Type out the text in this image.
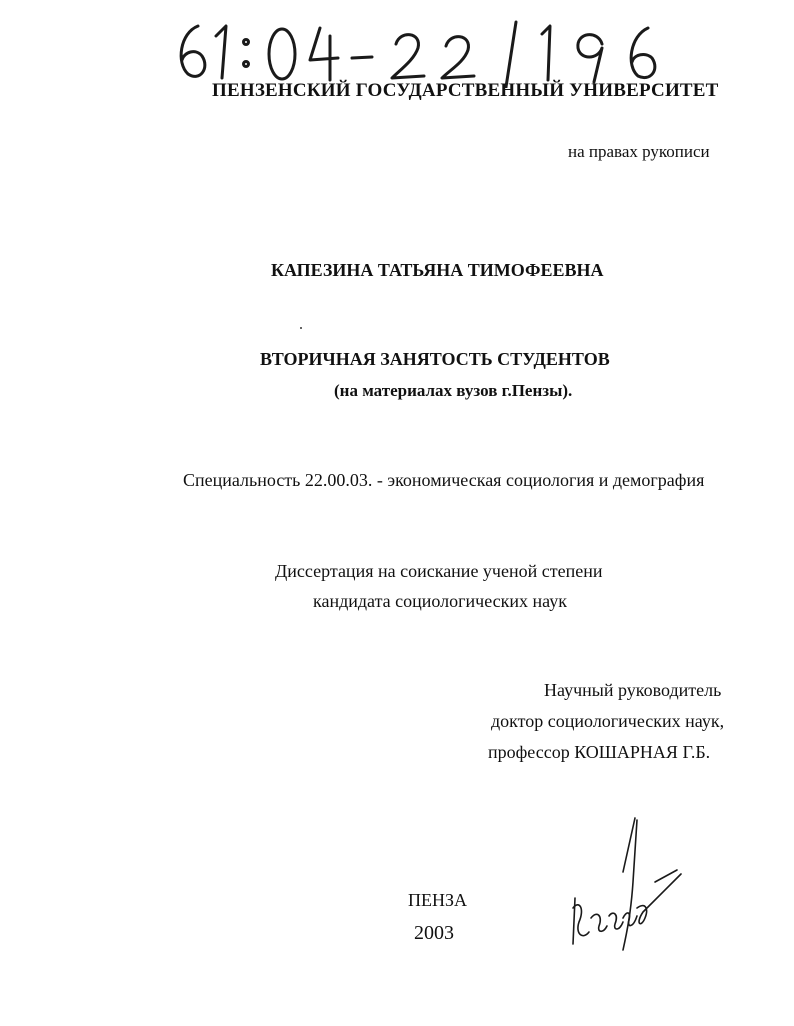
ПЕНЗЕНСКИЙ ГОСУДАРСТВЕННЫЙ УНИВЕРСИТЕТ
на правах рукописи
КАПЕЗИНА ТАТЬЯНА ТИМОФЕЕВНА
ВТОРИЧНАЯ ЗАНЯТОСТЬ СТУДЕНТОВ
(на материалах вузов г.Пензы).
Специальность 22.00.03. - экономическая социология и демография
Диссертация на соискание ученой степени
кандидата социологических наук
Научный руководитель
доктор социологических наук,
профессор КОШАРНАЯ Г.Б.
ПЕНЗА
2003
